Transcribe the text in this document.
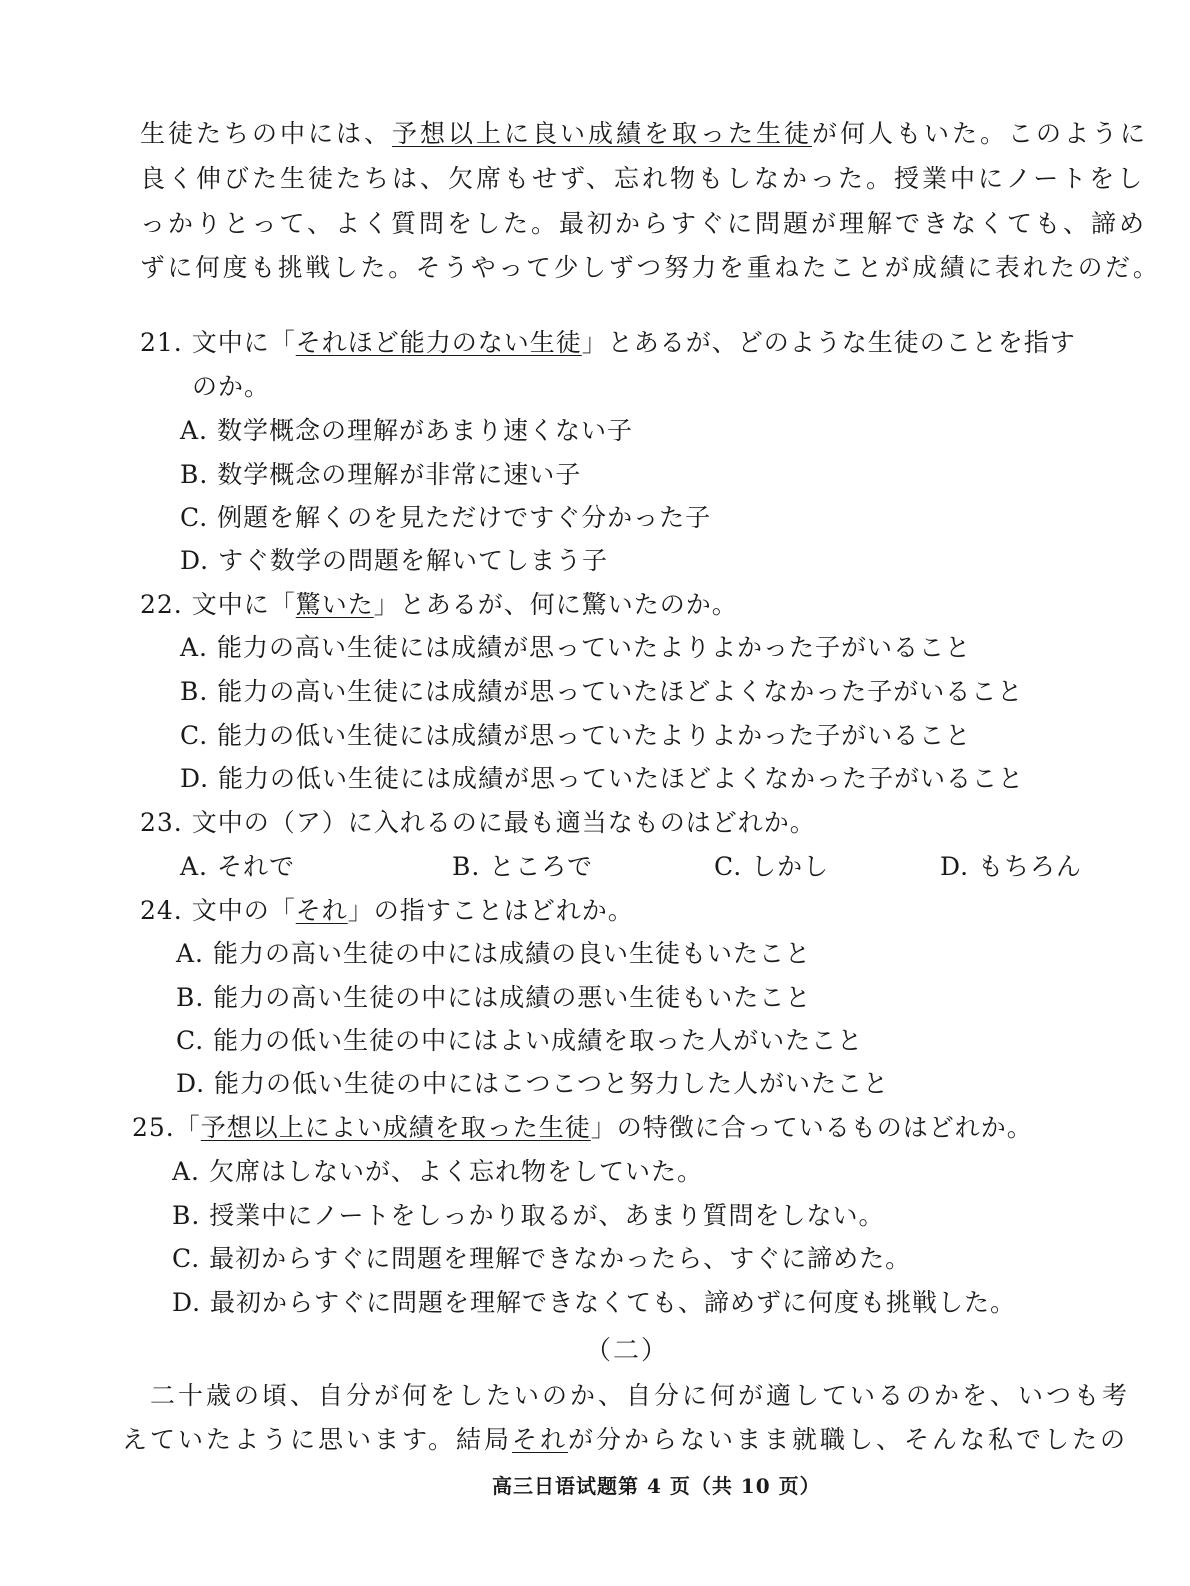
生徒たちの中には、予想以上に良い成績を取った生徒が何人もいた。このように
良く伸びた生徒たちは、欠席もせず、忘れ物もしなかった。授業中にノートをし
っかりとって、よく質問をした。最初からすぐに問題が理解できなくても、諦め
ずに何度も挑戦した。そうやって少しずつ努力を重ねたことが成績に表れたのだ。
21. 文中に「それほど能力のない生徒」とあるが、どのような生徒のことを指す
のか。
A. 数学概念の理解があまり速くない子
B. 数学概念の理解が非常に速い子
C. 例題を解くのを見ただけですぐ分かった子
D. すぐ数学の問題を解いてしまう子
22. 文中に「驚いた」とあるが、何に驚いたのか。
A. 能力の高い生徒には成績が思っていたよりよかった子がいること
B. 能力の高い生徒には成績が思っていたほどよくなかった子がいること
C. 能力の低い生徒には成績が思っていたよりよかった子がいること
D. 能力の低い生徒には成績が思っていたほどよくなかった子がいること
23. 文中の（ア）に入れるのに最も適当なものはどれか。
A. それで	B. ところで	C. しかし	D. もちろん
24. 文中の「それ」の指すことはどれか。
A. 能力の高い生徒の中には成績の良い生徒もいたこと
B. 能力の高い生徒の中には成績の悪い生徒もいたこと
C. 能力の低い生徒の中にはよい成績を取った人がいたこと
D. 能力の低い生徒の中にはこつこつと努力した人がいたこと
25.「予想以上によい成績を取った生徒」の特徴に合っているものはどれか。
A. 欠席はしないが、よく忘れ物をしていた。
B. 授業中にノートをしっかり取るが、あまり質問をしない。
C. 最初からすぐに問題を理解できなかったら、すぐに諦めた。
D. 最初からすぐに問題を理解できなくても、諦めずに何度も挑戦した。
（二）
二十歳の頃、自分が何をしたいのか、自分に何が適しているのかを、いつも考
えていたように思います。結局それが分からないまま就職し、そんな私でしたの
高三日语试题第 4 页（共 10 页）
